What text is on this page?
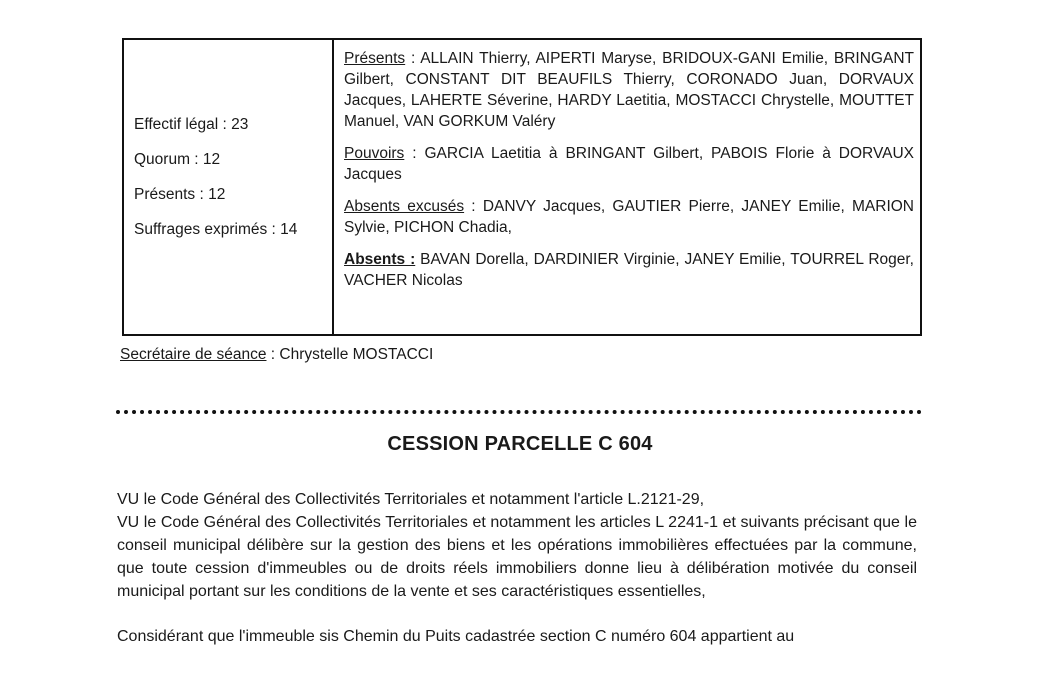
Effectif légal : 23
Quorum : 12
Présents : 12
Suffrages exprimés : 14

Présents : ALLAIN Thierry, AIPERTI Maryse, BRIDOUX-GANI Emilie, BRINGANT Gilbert, CONSTANT DIT BEAUFILS Thierry, CORONADO Juan, DORVAUX Jacques, LAHERTE Séverine, HARDY Laetitia, MOSTACCI Chrystelle, MOUTTET Manuel, VAN GORKUM Valéry

Pouvoirs : GARCIA Laetitia à BRINGANT Gilbert, PABOIS Florie à DORVAUX Jacques

Absents excusés : DANVY Jacques, GAUTIER Pierre, JANEY Emilie, MARION Sylvie, PICHON Chadia,

Absents : BAVAN Dorella, DARDINIER Virginie, JANEY Emilie, TOURREL Roger, VACHER Nicolas

Secrétaire de séance : Chrystelle MOSTACCI
CESSION PARCELLE C 604

VU le Code Général des Collectivités Territoriales et notamment l'article L.2121-29,

VU le Code Général des Collectivités Territoriales et notamment les articles L 2241-1 et suivants précisant que le conseil municipal délibère sur la gestion des biens et les opérations immobilières effectuées par la commune, que toute cession d'immeubles ou de droits réels immobiliers donne lieu à délibération motivée du conseil municipal portant sur les conditions de la vente et ses caractéristiques essentielles,

Considérant que l'immeuble sis Chemin du Puits cadastrée section C numéro 604 appartient au
